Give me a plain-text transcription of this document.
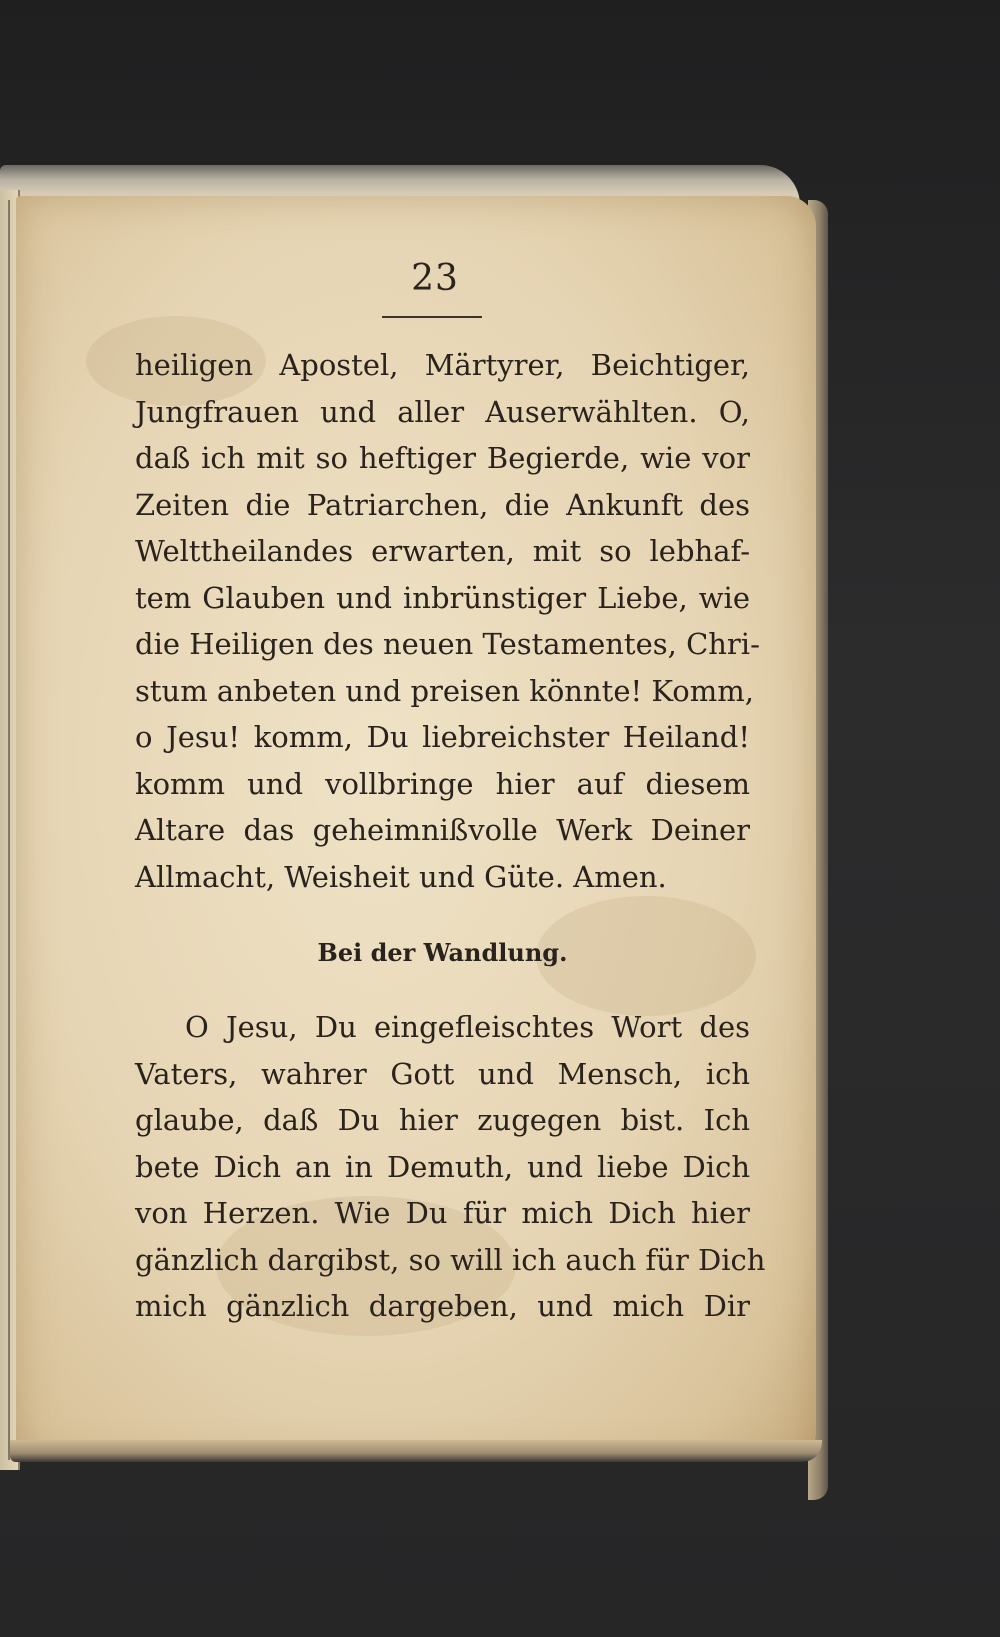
23
heiligen Apostel, Märtyrer, Beichtiger,
Jungfrauen und aller Auserwählten. O,
daß ich mit so heftiger Begierde, wie vor
Zeiten die Patriarchen, die Ankunft des
Welttheilandes erwarten, mit so lebhaf-
tem Glauben und inbrünstiger Liebe, wie
die Heiligen des neuen Testamentes, Chri-
stum anbeten und preisen könnte! Komm,
o Jesu! komm, Du liebreichster Heiland!
komm und vollbringe hier auf diesem
Altare das geheimnißvolle Werk Deiner
Allmacht, Weisheit und Güte. Amen.
Bei der Wandlung.
O Jesu, Du eingefleischtes Wort des
Vaters, wahrer Gott und Mensch, ich
glaube, daß Du hier zugegen bist. Ich
bete Dich an in Demuth, und liebe Dich
von Herzen. Wie Du für mich Dich hier
gänzlich dargibst, so will ich auch für Dich
mich gänzlich dargeben, und mich Dir
